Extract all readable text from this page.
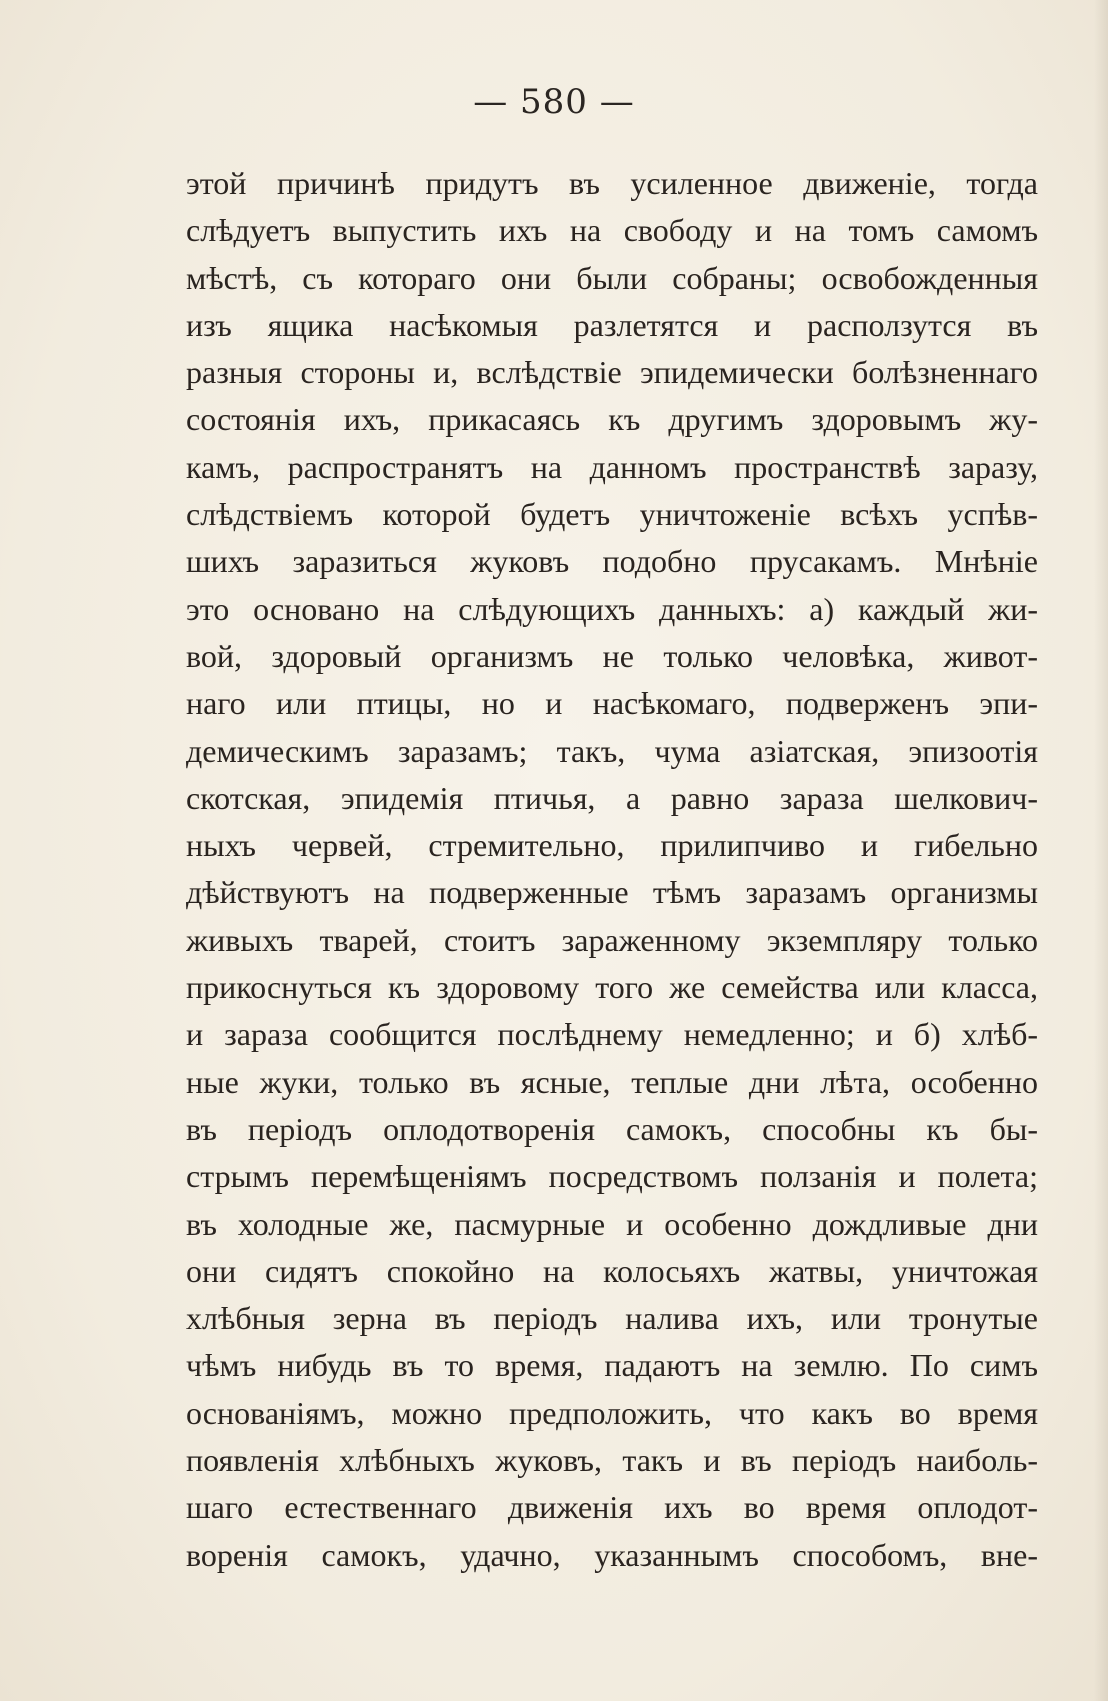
— 580 —
этой причинѣ придутъ въ усиленное движеніе, тогда
слѣдуетъ выпустить ихъ на свободу и на томъ самомъ
мѣстѣ, съ котораго они были собраны; освобожденныя
изъ ящика насѣкомыя разлетятся и расползутся въ
разныя стороны и, вслѣдствіе эпидемически болѣзненнаго
состоянія ихъ, прикасаясь къ другимъ здоровымъ жу-
камъ, распространятъ на данномъ пространствѣ заразу,
слѣдствіемъ которой будетъ уничтоженіе всѣхъ успѣв-
шихъ заразиться жуковъ подобно прусакамъ. Мнѣніе
это основано на слѣдующихъ данныхъ: а) каждый жи-
вой, здоровый организмъ не только человѣка, живот-
наго или птицы, но и насѣкомаго, подверженъ эпи-
демическимъ заразамъ; такъ, чума азіатская, эпизоотія
скотская, эпидемія птичья, а равно зараза шелкович-
ныхъ червей, стремительно, прилипчиво и гибельно
дѣйствуютъ на подверженные тѣмъ заразамъ организмы
живыхъ тварей, стоитъ зараженному экземпляру только
прикоснуться къ здоровому того же семейства или класса,
и зараза сообщится послѣднему немедленно; и б) хлѣб-
ные жуки, только въ ясные, теплые дни лѣта, особенно
въ періодъ оплодотворенія самокъ, способны къ бы-
стрымъ перемѣщеніямъ посредствомъ ползанія и полета;
въ холодные же, пасмурные и особенно дождливые дни
они сидятъ спокойно на колосьяхъ жатвы, уничтожая
хлѣбныя зерна въ періодъ налива ихъ, или тронутые
чѣмъ нибудь въ то время, падаютъ на землю. По симъ
основаніямъ, можно предположить, что какъ во время
появленія хлѣбныхъ жуковъ, такъ и въ періодъ наиболь-
шаго естественнаго движенія ихъ во время оплодот-
воренія самокъ, удачно, указаннымъ способомъ, вне-
